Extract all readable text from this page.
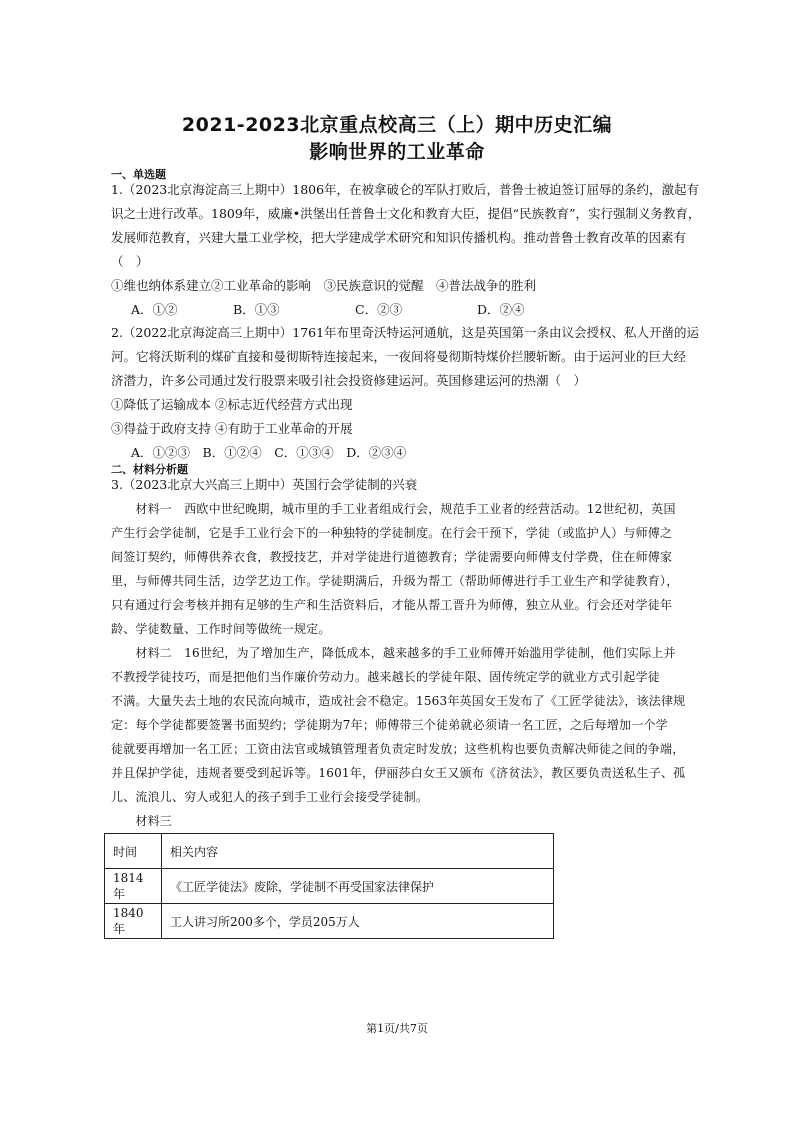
2021-2023北京重点校高三（上）期中历史汇编
影响世界的工业革命
一、单选题
1.（2023北京海淀高三上期中）1806年，在被拿破仑的军队打败后，普鲁士被迫签订屈辱的条约，激起有
识之士进行改革。1809年，威廉•洪堡出任普鲁士文化和教育大臣，提倡“民族教育”，实行强制义务教育，
发展师范教育，兴建大量工业学校，把大学建成学术研究和知识传播机构。推动普鲁士教育改革的因素有
（　）
①维也纳体系建立②工业革命的影响　③民族意识的觉醒　④普法战争的胜利
A．①②	B．①③	C．②③	D．②④
2.（2022北京海淀高三上期中）1761年布里奇沃特运河通航，这是英国第一条由议会授权、私人开凿的运
河。它将沃斯利的煤矿直接和曼彻斯特连接起来，一夜间将曼彻斯特煤价拦腰斩断。由于运河业的巨大经
济潜力，许多公司通过发行股票来吸引社会投资修建运河。英国修建运河的热潮（　）
①降低了运输成本 ②标志近代经营方式出现
③得益于政府支持 ④有助于工业革命的开展
A．①②③　B．①②④　C．①③④　D．②③④
二、材料分析题
3.（2023北京大兴高三上期中）英国行会学徒制的兴衰
　　材料一　西欧中世纪晚期，城市里的手工业者组成行会，规范手工业者的经营活动。12世纪初，英国
产生行会学徒制，它是手工业行会下的一种独特的学徒制度。在行会干预下，学徒（或监护人）与师傅之
间签订契约，师傅供养衣食，教授技艺，并对学徒进行道德教育；学徒需要向师傅支付学费，住在师傅家
里，与师傅共同生活，边学艺边工作。学徒期满后，升级为帮工（帮助师傅进行手工业生产和学徒教育），
只有通过行会考核并拥有足够的生产和生活资料后，才能从帮工晋升为师傅，独立从业。行会还对学徒年
龄、学徒数量、工作时间等做统一规定。
　　材料二　16世纪，为了增加生产，降低成本，越来越多的手工业师傅开始滥用学徒制，他们实际上并
不教授学徒技巧，而是把他们当作廉价劳动力。越来越长的学徒年限、固传统定学的就业方式引起学徒
不满。大量失去土地的农民流向城市，造成社会不稳定。1563年英国女王发布了《工匠学徒法》，该法律规
定：每个学徒都要签署书面契约；学徒期为7年；师傅带三个徒弟就必须请一名工匠，之后每增加一个学
徒就要再增加一名工匠；工资由法官或城镇管理者负责定时发放；这些机构也要负责解决师徒之间的争端，
并且保护学徒，违规者要受到起诉等。1601年，伊丽莎白女王又颁布《济贫法》，教区要负责送私生子、孤
儿、流浪儿、穷人或犯人的孩子到手工业行会接受学徒制。
　　材料三
时间	相关内容
1814年	《工匠学徒法》废除，学徒制不再受国家法律保护
1840年	工人讲习所200多个，学员205万人
第1页/共7页
